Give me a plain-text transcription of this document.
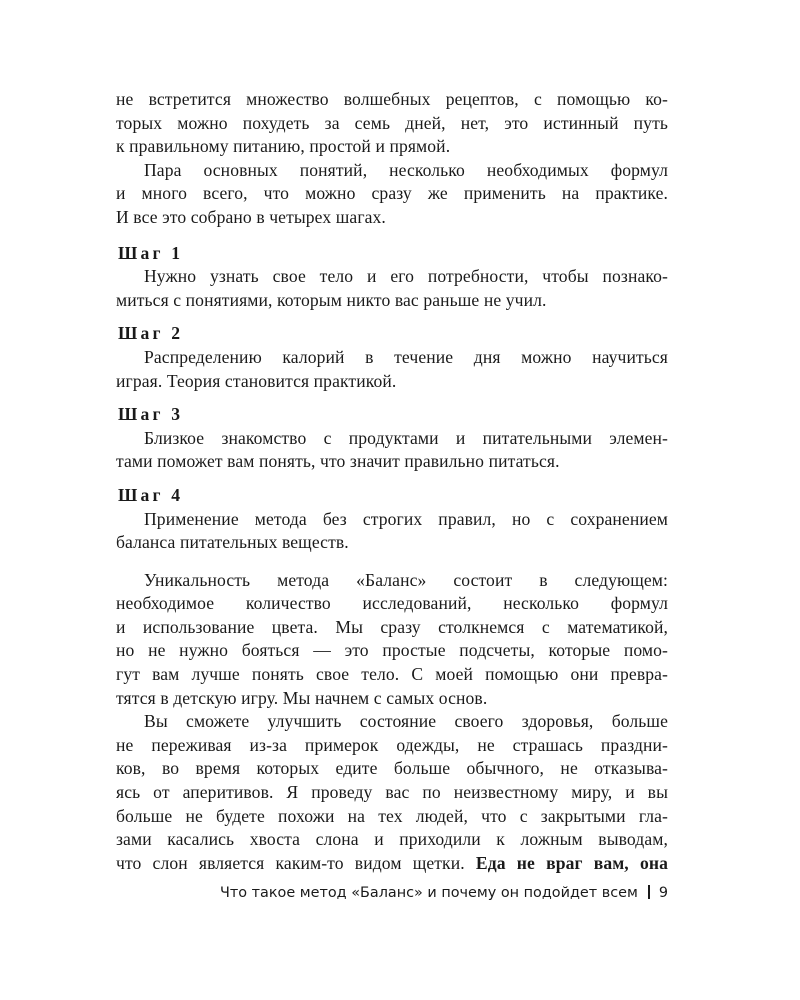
не встретится множество волшебных рецептов, с помощью ко-
торых можно похудеть за семь дней, нет, это истинный путь
к правильному питанию, простой и прямой.
Пара основных понятий, несколько необходимых формул
и много всего, что можно сразу же применить на практике.
И все это собрано в четырех шагах.
Шаг 1
Нужно узнать свое тело и его потребности, чтобы познако-
миться с понятиями, которым никто вас раньше не учил.
Шаг 2
Распределению калорий в течение дня можно научиться
играя. Теория становится практикой.
Шаг 3
Близкое знакомство с продуктами и питательными элемен-
тами поможет вам понять, что значит правильно питаться.
Шаг 4
Применение метода без строгих правил, но с сохранением
баланса питательных веществ.
Уникальность метода «Баланс» состоит в следующем:
необходимое количество исследований, несколько формул
и использование цвета. Мы сразу столкнемся с математикой,
но не нужно бояться — это простые подсчеты, которые помо-
гут вам лучше понять свое тело. С моей помощью они превра-
тятся в детскую игру. Мы начнем с самых основ.
Вы сможете улучшить состояние своего здоровья, больше
не переживая из-за примерок одежды, не страшась праздни-
ков, во время которых едите больше обычного, не отказыва-
ясь от аперитивов. Я проведу вас по неизвестному миру, и вы
больше не будете похожи на тех людей, что с закрытыми гла-
зами касались хвоста слона и приходили к ложным выводам,
что слон является каким-то видом щетки. Еда не враг вам, она
Что такое метод «Баланс» и почему он подойдет всем 9
